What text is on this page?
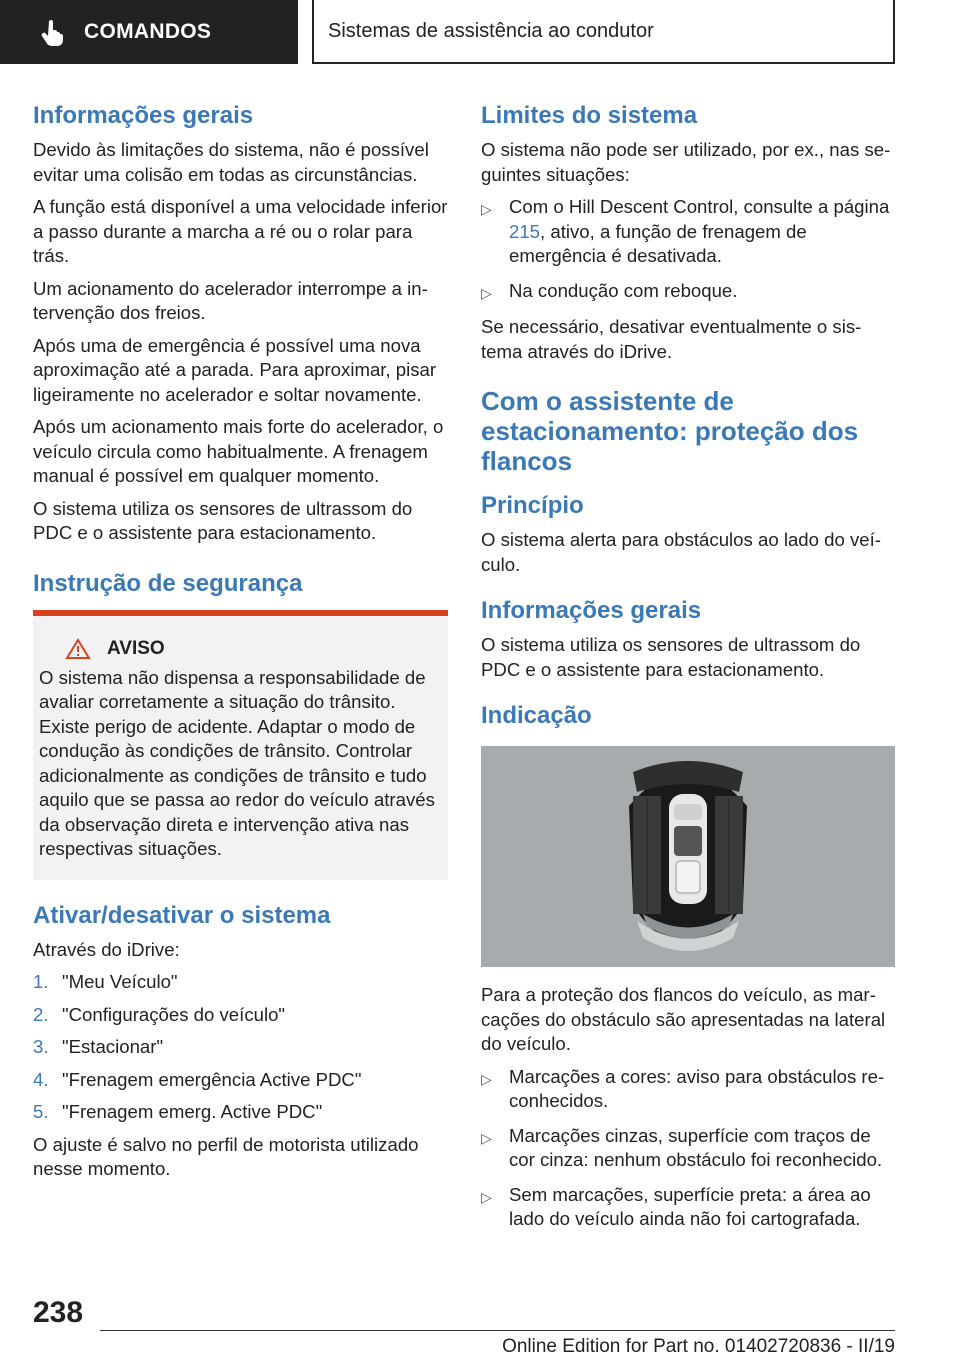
COMANDOS	Sistemas de assistência ao condutor
Informações gerais

Devido às limitações do sistema, não é possível evitar uma colisão em todas as circunstâncias.

A função está disponível a uma velocidade inferior a passo durante a marcha a ré ou o rolar para trás.

Um acionamento do acelerador interrompe a intervenção dos freios.

Após uma de emergência é possível uma nova aproximação até a parada. Para aproximar, pisar ligeiramente no acelerador e soltar novamente.

Após um acionamento mais forte do acelerador, o veículo circula como habitualmente. A frenagem manual é possível em qualquer momento.

O sistema utiliza os sensores de ultrassom do PDC e o assistente para estacionamento.

Instrução de segurança
AVISO

O sistema não dispensa a responsabilidade de avaliar corretamente a situação do trânsito. Existe perigo de acidente. Adaptar o modo de condução às condições de trânsito. Controlar adicionalmente as condições de trânsito e tudo aquilo que se passa ao redor do veículo através da observação direta e intervenção ativa nas respectivas situações.

Ativar/desativar o sistema

Através do iDrive:

1. "Meu Veículo"
2. "Configurações do veículo"
3. "Estacionar"
4. "Frenagem emergência Active PDC"
5. "Frenagem emerg. Active PDC"

O ajuste é salvo no perfil de motorista utilizado nesse momento.

Limites do sistema

O sistema não pode ser utilizado, por ex., nas seguintes situações:

▷ Com o Hill Descent Control, consulte a página 215, ativo, a função de frenagem de emergência é desativada.
▷ Na condução com reboque.

Se necessário, desativar eventualmente o sistema através do iDrive.

Com o assistente de estacionamento: proteção dos flancos
Princípio

O sistema alerta para obstáculos ao lado do veículo.

Informações gerais

O sistema utiliza os sensores de ultrassom do PDC e o assistente para estacionamento.

Indicação

Para a proteção dos flancos do veículo, as marcações do obstáculo são apresentadas na lateral do veículo.

▷ Marcações a cores: aviso para obstáculos reconhecidos.
▷ Marcações cinzas, superfície com traços de cor cinza: nenhum obstáculo foi reconhecido.
▷ Sem marcações, superfície preta: a área ao lado do veículo ainda não foi cartografada.
238
Online Edition for Part no. 01402720836 - II/19
